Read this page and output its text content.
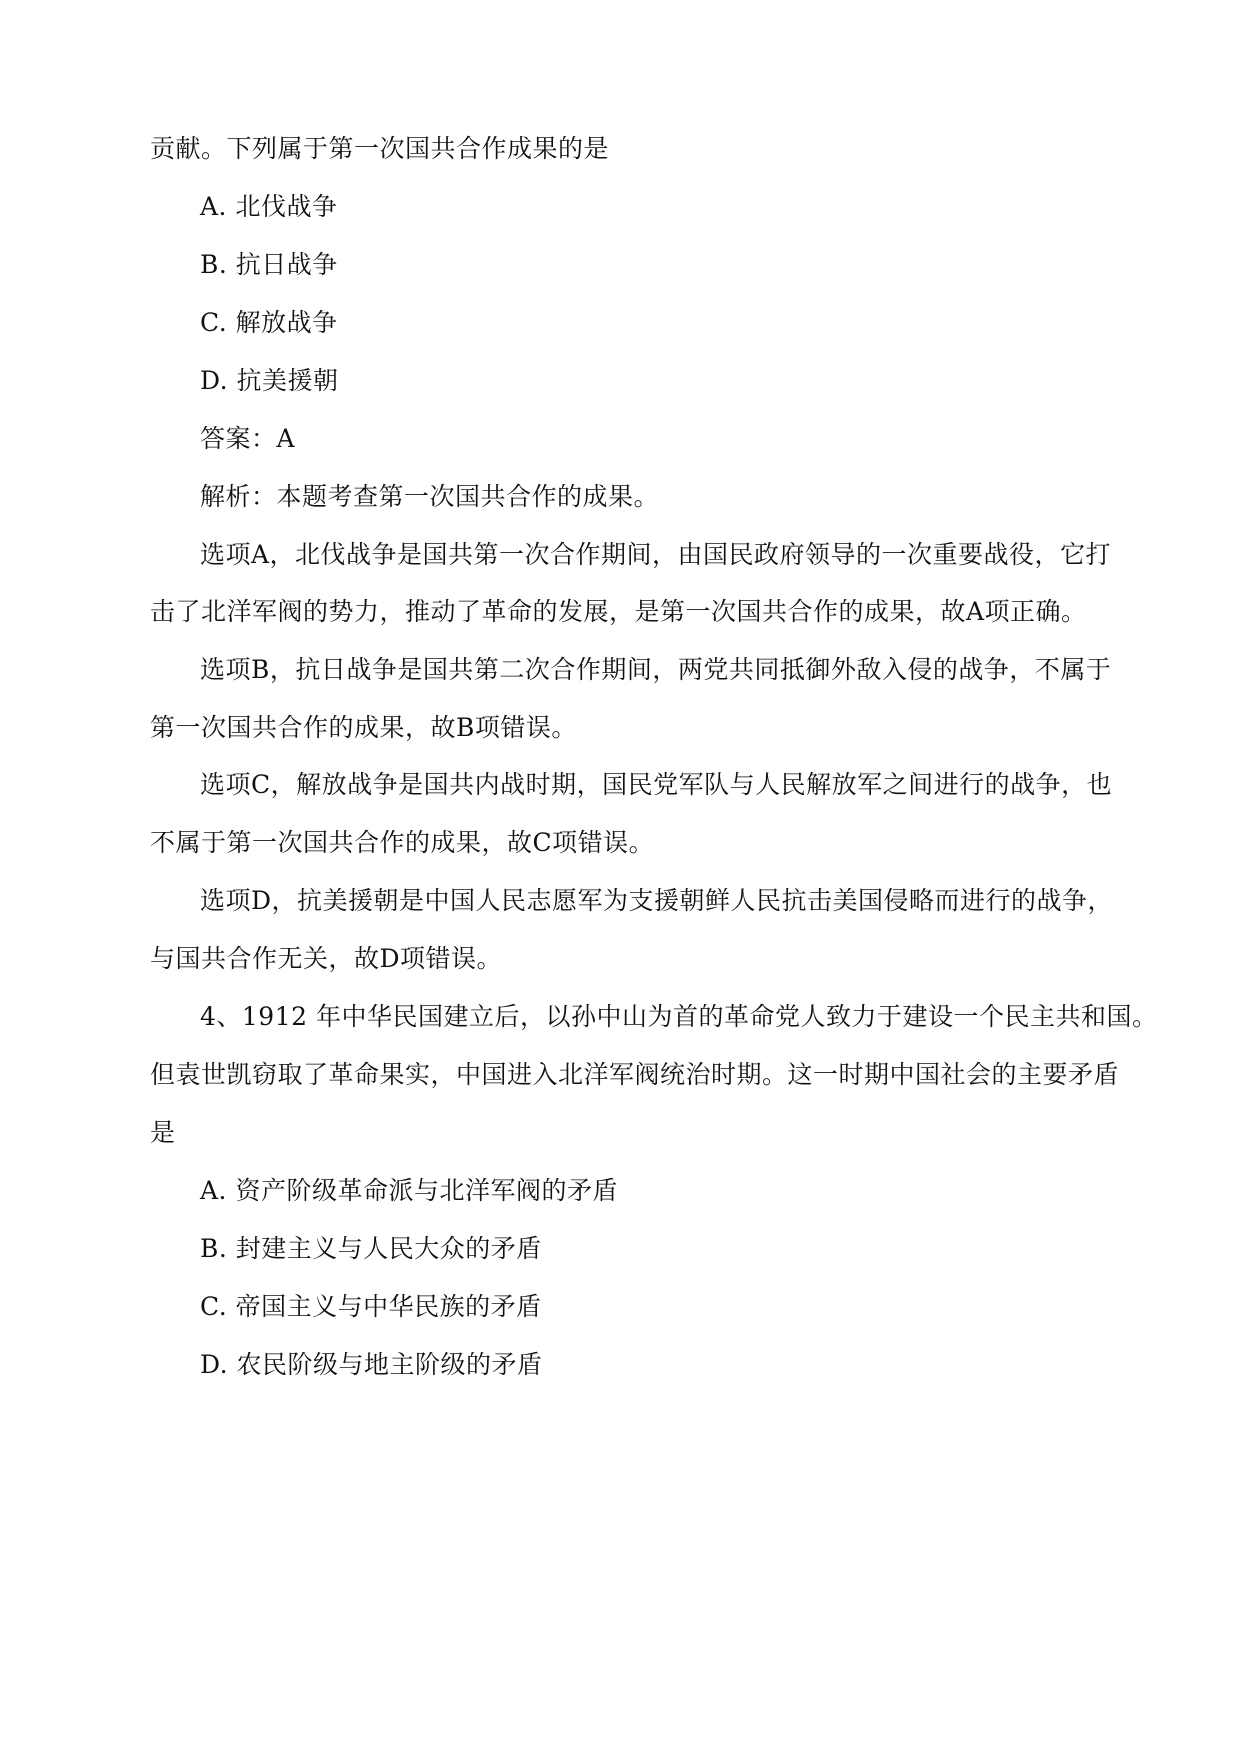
贡献。下列属于第一次国共合作成果的是
A. 北伐战争
B. 抗日战争
C. 解放战争
D. 抗美援朝
答案：A
解析：本题考查第一次国共合作的成果。
选项A，北伐战争是国共第一次合作期间，由国民政府领导的一次重要战役，它打
击了北洋军阀的势力，推动了革命的发展，是第一次国共合作的成果，故A项正确。
选项B，抗日战争是国共第二次合作期间，两党共同抵御外敌入侵的战争，不属于
第一次国共合作的成果，故B项错误。
选项C，解放战争是国共内战时期，国民党军队与人民解放军之间进行的战争，也
不属于第一次国共合作的成果，故C项错误。
选项D，抗美援朝是中国人民志愿军为支援朝鲜人民抗击美国侵略而进行的战争，
与国共合作无关，故D项错误。
4、1912 年中华民国建立后，以孙中山为首的革命党人致力于建设一个民主共和国。
但袁世凯窃取了革命果实，中国进入北洋军阀统治时期。这一时期中国社会的主要矛盾
是
A. 资产阶级革命派与北洋军阀的矛盾
B. 封建主义与人民大众的矛盾
C. 帝国主义与中华民族的矛盾
D. 农民阶级与地主阶级的矛盾
